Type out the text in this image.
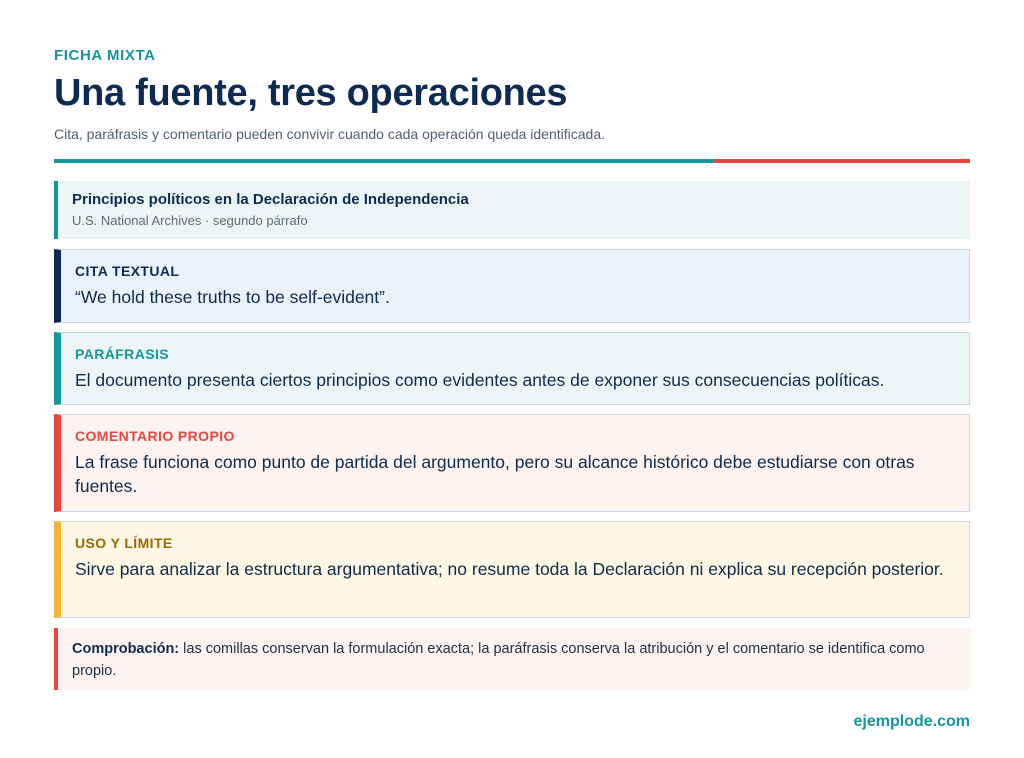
FICHA MIXTA
Una fuente, tres operaciones
Cita, paráfrasis y comentario pueden convivir cuando cada operación queda identificada.
Principios políticos en la Declaración de Independencia
U.S. National Archives · segundo párrafo
CITA TEXTUAL
“We hold these truths to be self-evident”.
PARÁFRASIS
El documento presenta ciertos principios como evidentes antes de exponer sus consecuencias políticas.
COMENTARIO PROPIO
La frase funciona como punto de partida del argumento, pero su alcance histórico debe estudiarse con otras fuentes.
USO Y LÍMITE
Sirve para analizar la estructura argumentativa; no resume toda la Declaración ni explica su recepción posterior.
Comprobación: las comillas conservan la formulación exacta; la paráfrasis conserva la atribución y el comentario se identifica como propio.
ejemplode.com
